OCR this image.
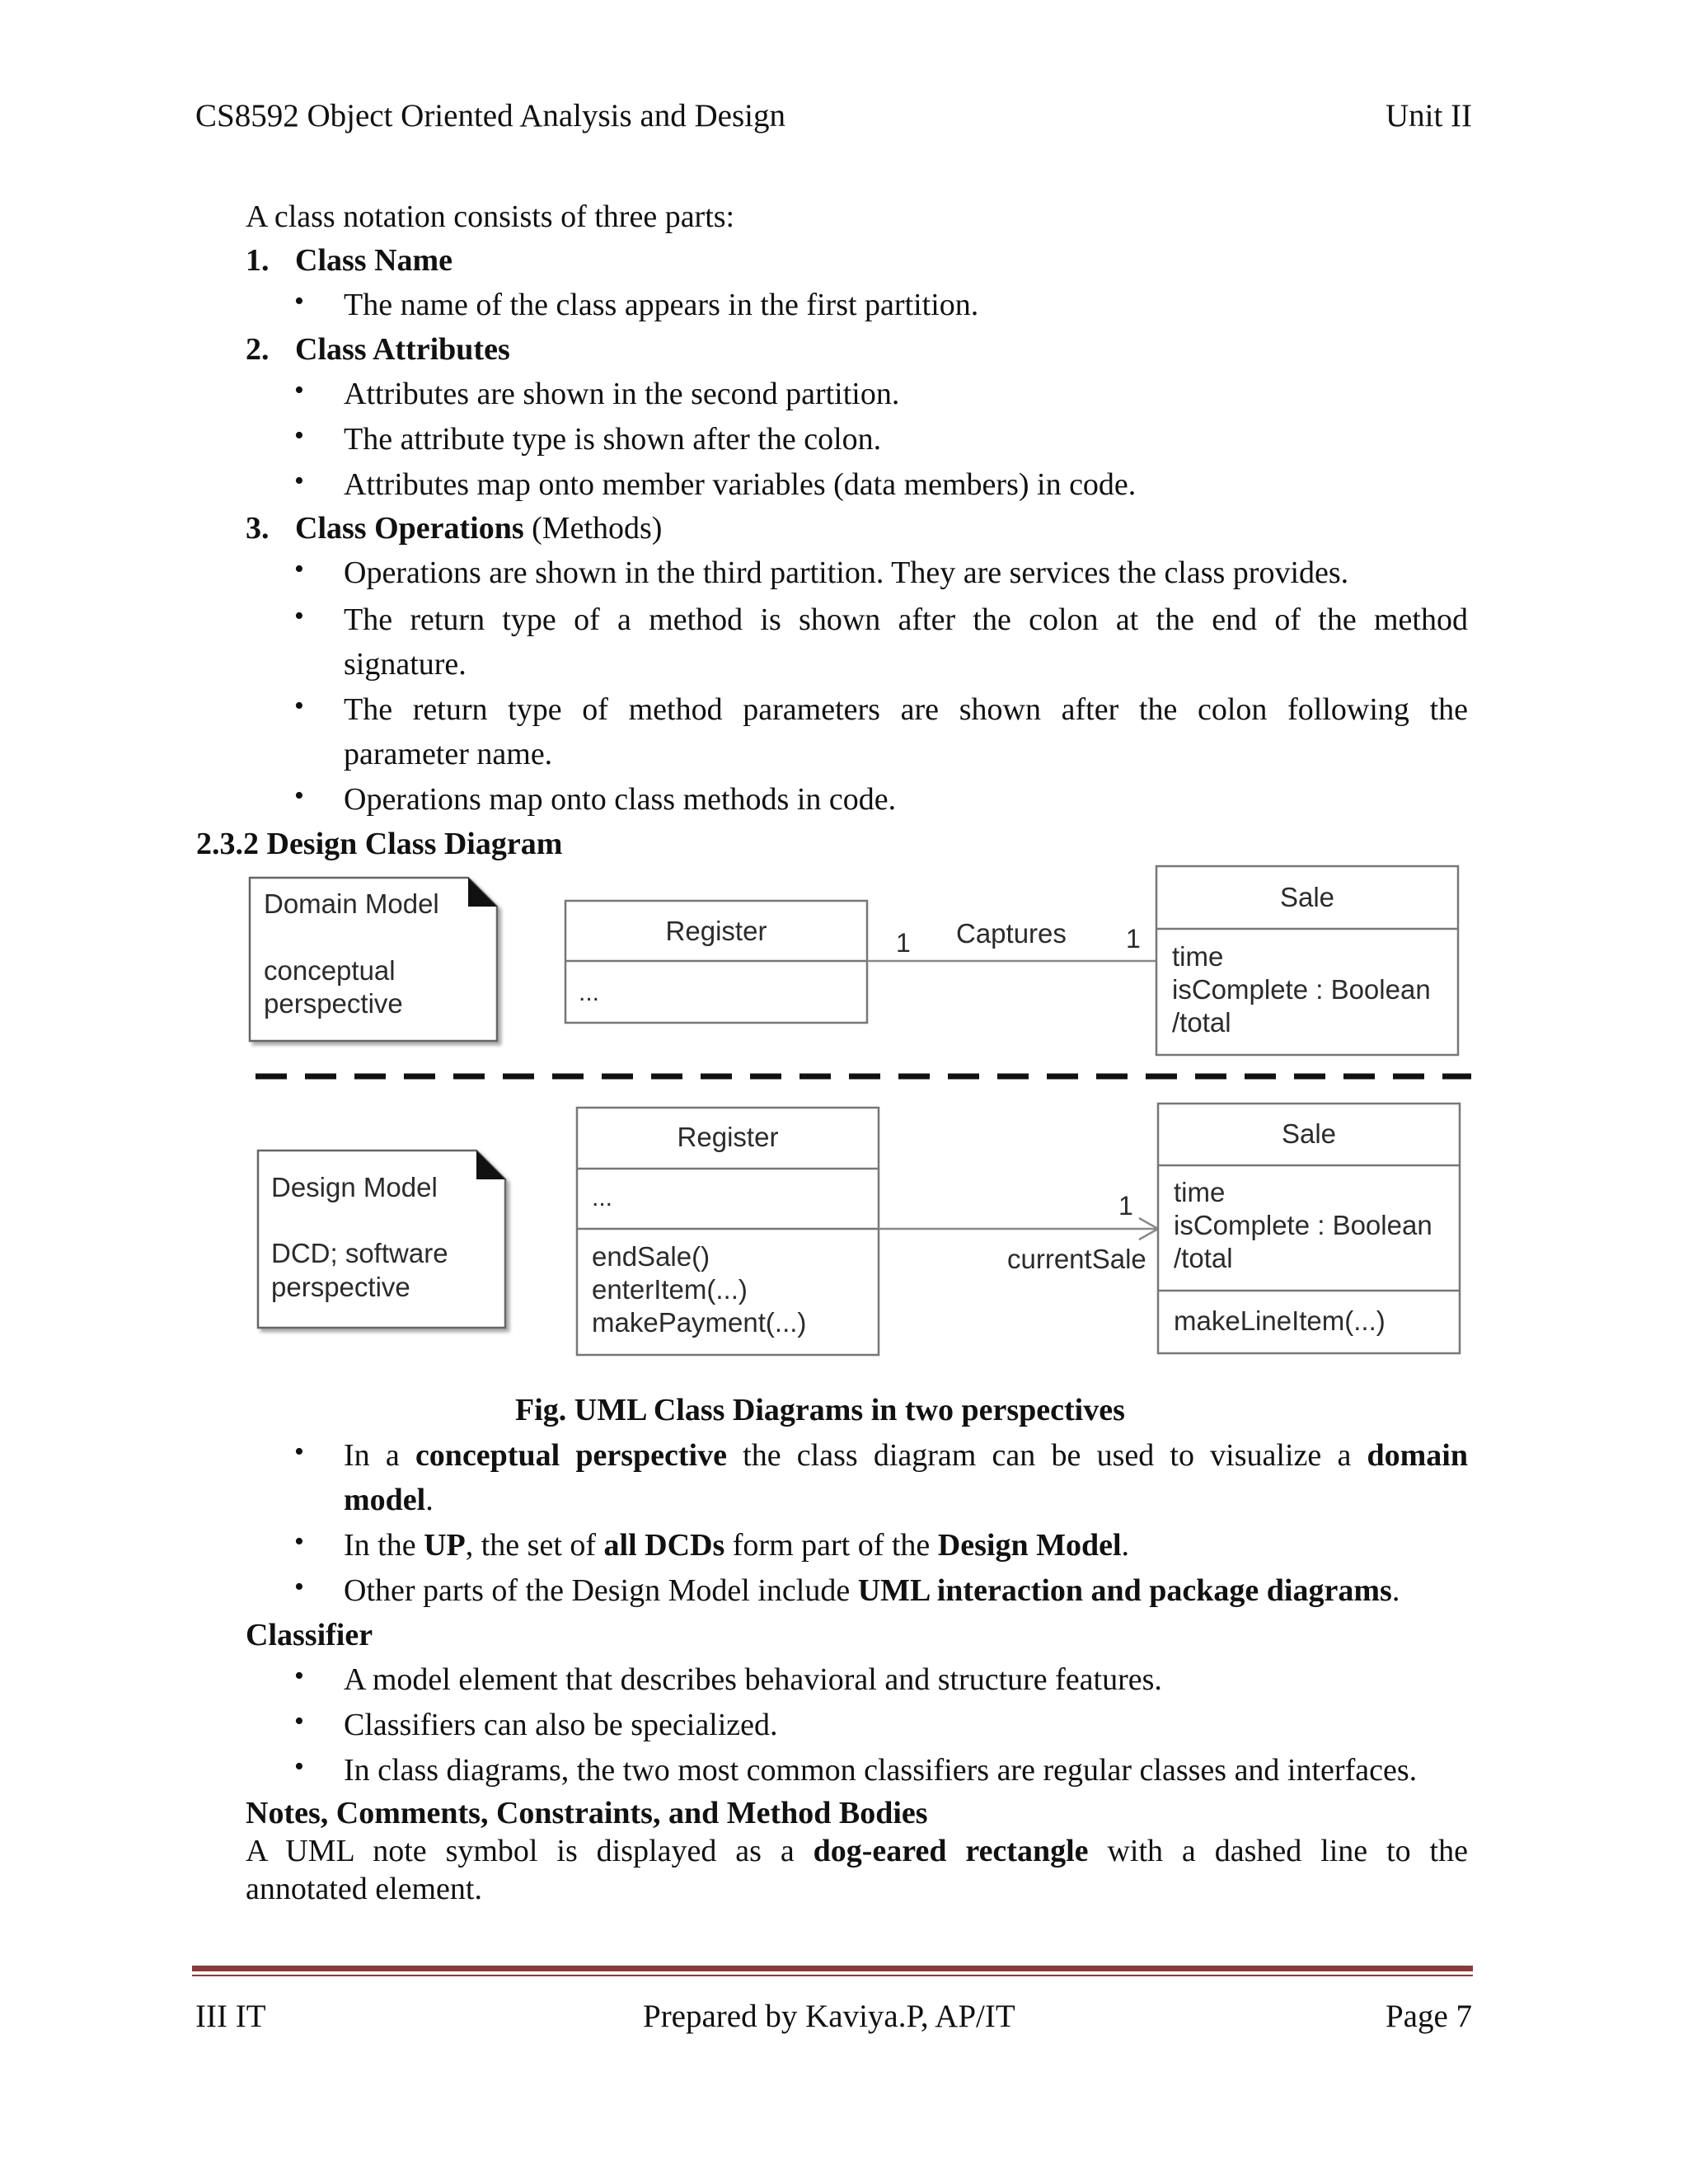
CS8592 Object Oriented Analysis and Design	Unit II
A class notation consists of three parts:
1. Class Name
• The name of the class appears in the first partition.
2. Class Attributes
• Attributes are shown in the second partition.
• The attribute type is shown after the colon.
• Attributes map onto member variables (data members) in code.
3. Class Operations (Methods)
• Operations are shown in the third partition. They are services the class provides.
• The return type of a method is shown after the colon at the end of the method
signature.
• The return type of method parameters are shown after the colon following the
parameter name.
• Operations map onto class methods in code.
2.3.2 Design Class Diagram
Domain Model
conceptual
perspective
Register
...
1 Captures 1
Sale
time
isComplete : Boolean
/total
Design Model
DCD; software
perspective
Register
...
endSale()
enterItem(...)
makePayment(...)
1
currentSale
Sale
time
isComplete : Boolean
/total
makeLineItem(...)
Fig. UML Class Diagrams in two perspectives
• In a conceptual perspective the class diagram can be used to visualize a domain
model.
• In the UP, the set of all DCDs form part of the Design Model.
• Other parts of the Design Model include UML interaction and package diagrams.
Classifier
• A model element that describes behavioral and structure features.
• Classifiers can also be specialized.
• In class diagrams, the two most common classifiers are regular classes and interfaces.
Notes, Comments, Constraints, and Method Bodies
A UML note symbol is displayed as a dog-eared rectangle with a dashed line to the
annotated element.
III IT	Prepared by Kaviya.P, AP/IT	Page 7
